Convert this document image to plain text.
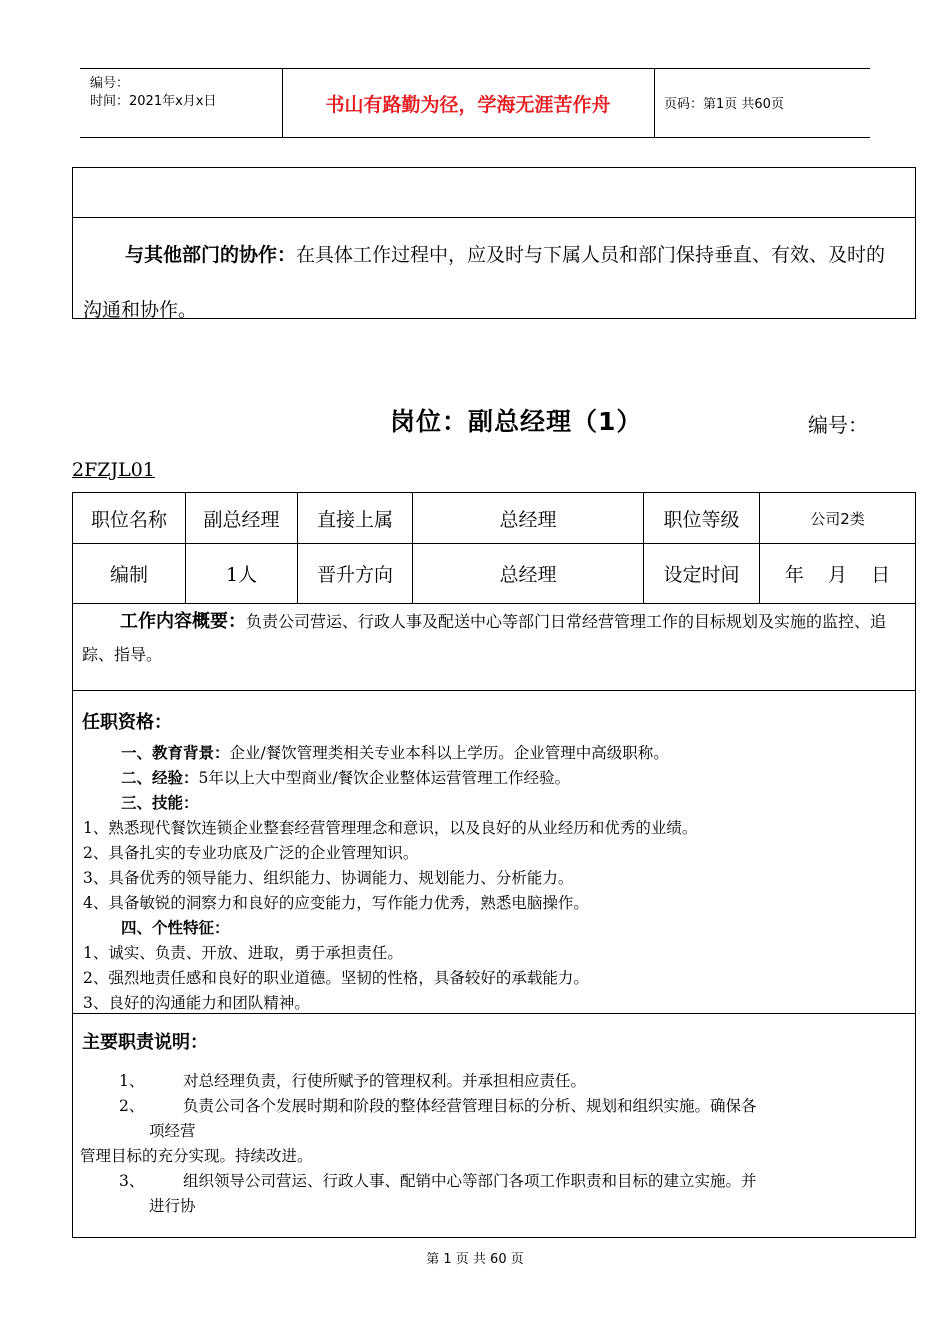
编号：
时间：2021年x月x日	书山有路勤为径，学海无涯苦作舟	页码：第1页 共60页
与其他部门的协作：在具体工作过程中，应及时与下属人员和部门保持垂直、有效、及时的沟通和协作。
岗位：副总经理（1）	编号：
2FZJL01
职位名称	副总经理	直接上属	总经理	职位等级	公司2类
编制	1人	晋升方向	总经理	设定时间	年    月    日
工作内容概要：负责公司营运、行政人事及配送中心等部门日常经营管理工作的目标规划及实施的监控、追踪、指导。
任职资格：
一、教育背景：企业/餐饮管理类相关专业本科以上学历。企业管理中高级职称。
二、经验：5年以上大中型商业/餐饮企业整体运营管理工作经验。
三、技能：
1、熟悉现代餐饮连锁企业整套经营管理理念和意识，以及良好的从业经历和优秀的业绩。
2、具备扎实的专业功底及广泛的企业管理知识。
3、具备优秀的领导能力、组织能力、协调能力、规划能力、分析能力。
4、具备敏锐的洞察力和良好的应变能力，写作能力优秀，熟悉电脑操作。
四、个性特征：
1、诚实、负责、开放、进取，勇于承担责任。
2、强烈地责任感和良好的职业道德。坚韧的性格，具备较好的承载能力。
3、良好的沟通能力和团队精神。
主要职责说明：
1、	对总经理负责，行使所赋予的管理权利。并承担相应责任。
2、	负责公司各个发展时期和阶段的整体经营管理目标的分析、规划和组织实施。确保各
项经营
管理目标的充分实现。持续改进。
3、	组织领导公司营运、行政人事、配销中心等部门各项工作职责和目标的建立实施。并
进行协
第 1 页 共 60 页
